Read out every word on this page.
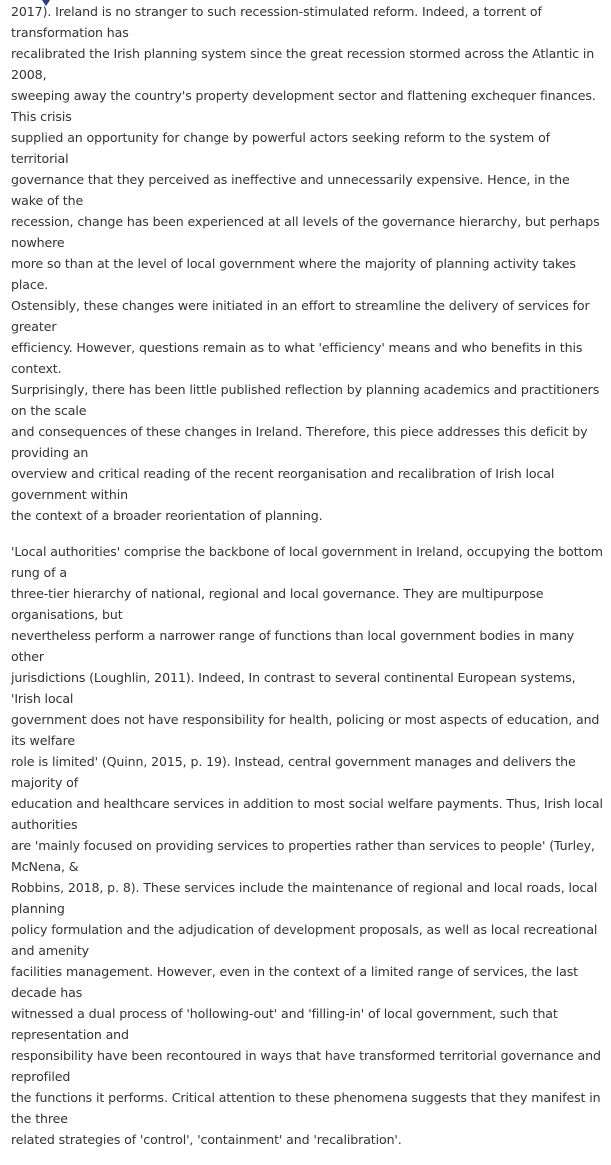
2017). Ireland is no stranger to such recession-stimulated reform. Indeed, a torrent of transformation has
recalibrated the Irish planning system since the great recession stormed across the Atlantic in 2008,
sweeping away the country's property development sector and flattening exchequer finances. This crisis
supplied an opportunity for change by powerful actors seeking reform to the system of territorial
governance that they perceived as ineffective and unnecessarily expensive. Hence, in the wake of the
recession, change has been experienced at all levels of the governance hierarchy, but perhaps nowhere
more so than at the level of local government where the majority of planning activity takes place.
Ostensibly, these changes were initiated in an effort to streamline the delivery of services for greater
efficiency. However, questions remain as to what 'efficiency' means and who benefits in this context.
Surprisingly, there has been little published reflection by planning academics and practitioners on the scale
and consequences of these changes in Ireland. Therefore, this piece addresses this deficit by providing an
overview and critical reading of the recent reorganisation and recalibration of Irish local government within
the context of a broader reorientation of planning.

'Local authorities' comprise the backbone of local government in Ireland, occupying the bottom rung of a
three-tier hierarchy of national, regional and local governance. They are multipurpose organisations, but
nevertheless perform a narrower range of functions than local government bodies in many other
jurisdictions (Loughlin, 2011). Indeed, In contrast to several continental European systems, 'Irish local
government does not have responsibility for health, policing or most aspects of education, and its welfare
role is limited' (Quinn, 2015, p. 19). Instead, central government manages and delivers the majority of
education and healthcare services in addition to most social welfare payments. Thus, Irish local authorities
are 'mainly focused on providing services to properties rather than services to people' (Turley, McNena, &
Robbins, 2018, p. 8). These services include the maintenance of regional and local roads, local planning
policy formulation and the adjudication of development proposals, as well as local recreational and amenity
facilities management. However, even in the context of a limited range of services, the last decade has
witnessed a dual process of 'hollowing-out' and 'filling-in' of local government, such that representation and
responsibility have been recontoured in ways that have transformed territorial governance and reprofiled
the functions it performs. Critical attention to these phenomena suggests that they manifest in the three
related strategies of 'control', 'containment' and 'recalibration'.
